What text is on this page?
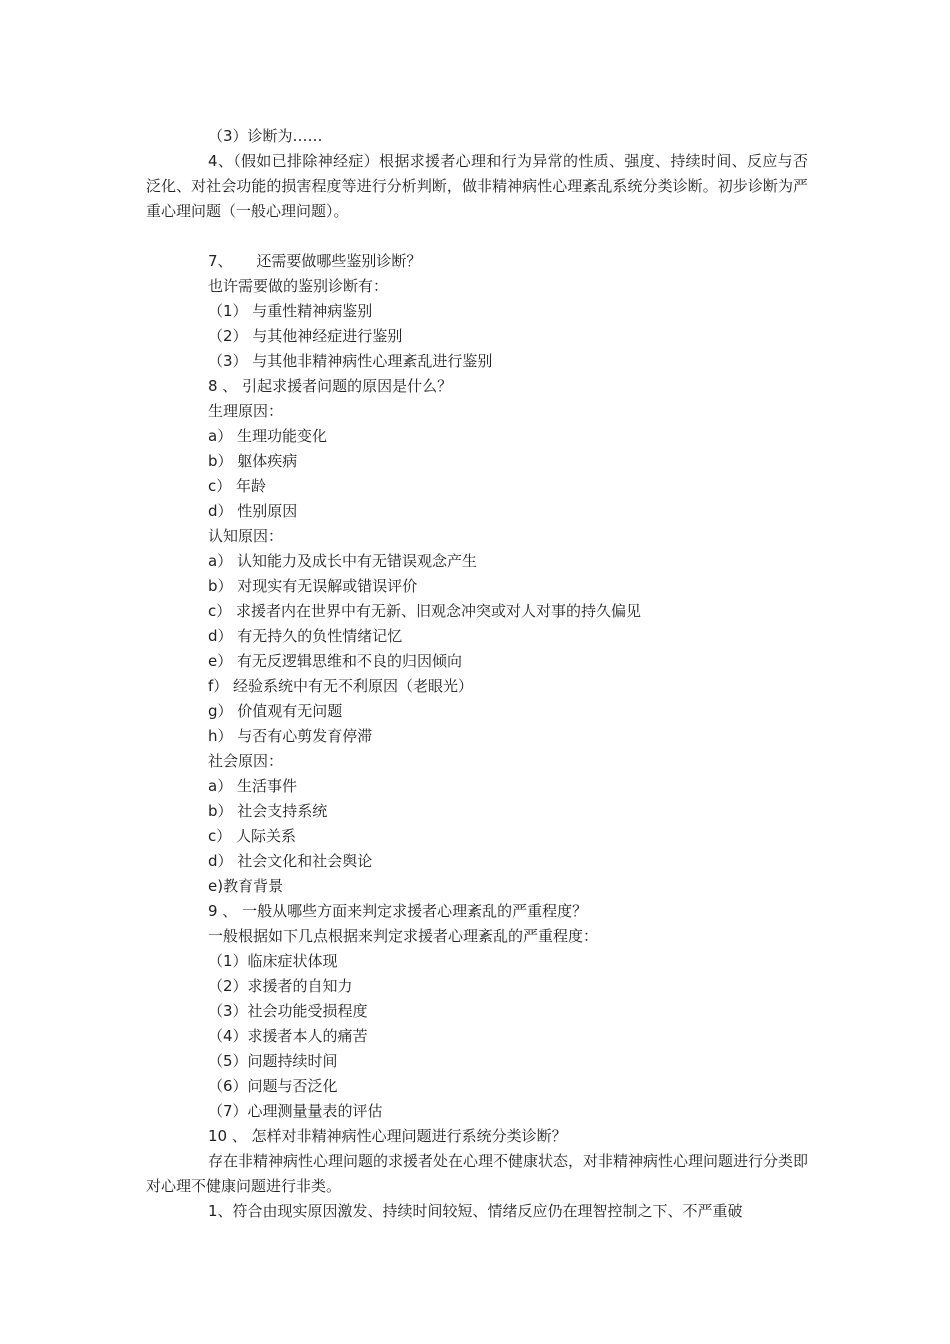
（3）诊断为……

4、（假如已排除神经症）根据求援者心理和行为异常的性质、强度、持续时间、反应与否泛化、对社会功能的损害程度等进行分析判断，做非精神病性心理紊乱系统分类诊断。初步诊断为严重心理问题（一般心理问题）。

7、     还需要做哪些鉴别诊断？
也许需要做的鉴别诊断有：
（1） 与重性精神病鉴别
（2） 与其他神经症进行鉴别
（3） 与其他非精神病性心理紊乱进行鉴别
8 、 引起求援者问题的原因是什么？
生理原因：
a） 生理功能变化
b） 躯体疾病
c） 年龄
d） 性别原因
认知原因：
a） 认知能力及成长中有无错误观念产生
b） 对现实有无误解或错误评价
c） 求援者内在世界中有无新、旧观念冲突或对人对事的持久偏见
d） 有无持久的负性情绪记忆
e） 有无反逻辑思维和不良的归因倾向
f） 经验系统中有无不利原因（老眼光）
g） 价值观有无问题
h） 与否有心剪发育停滞
社会原因：
a） 生活事件
b） 社会支持系统
c） 人际关系
d） 社会文化和社会舆论
e)教育背景
9 、 一般从哪些方面来判定求援者心理紊乱的严重程度？
一般根据如下几点根据来判定求援者心理紊乱的严重程度：
（1）临床症状体现
（2）求援者的自知力
（3）社会功能受损程度
（4）求援者本人的痛苦
（5）问题持续时间
（6）问题与否泛化
（7）心理测量量表的评估
10 、 怎样对非精神病性心理问题进行系统分类诊断？

存在非精神病性心理问题的求援者处在心理不健康状态，对非精神病性心理问题进行分类即对心理不健康问题进行非类。

1、符合由现实原因激发、持续时间较短、情绪反应仍在理智控制之下、不严重破
